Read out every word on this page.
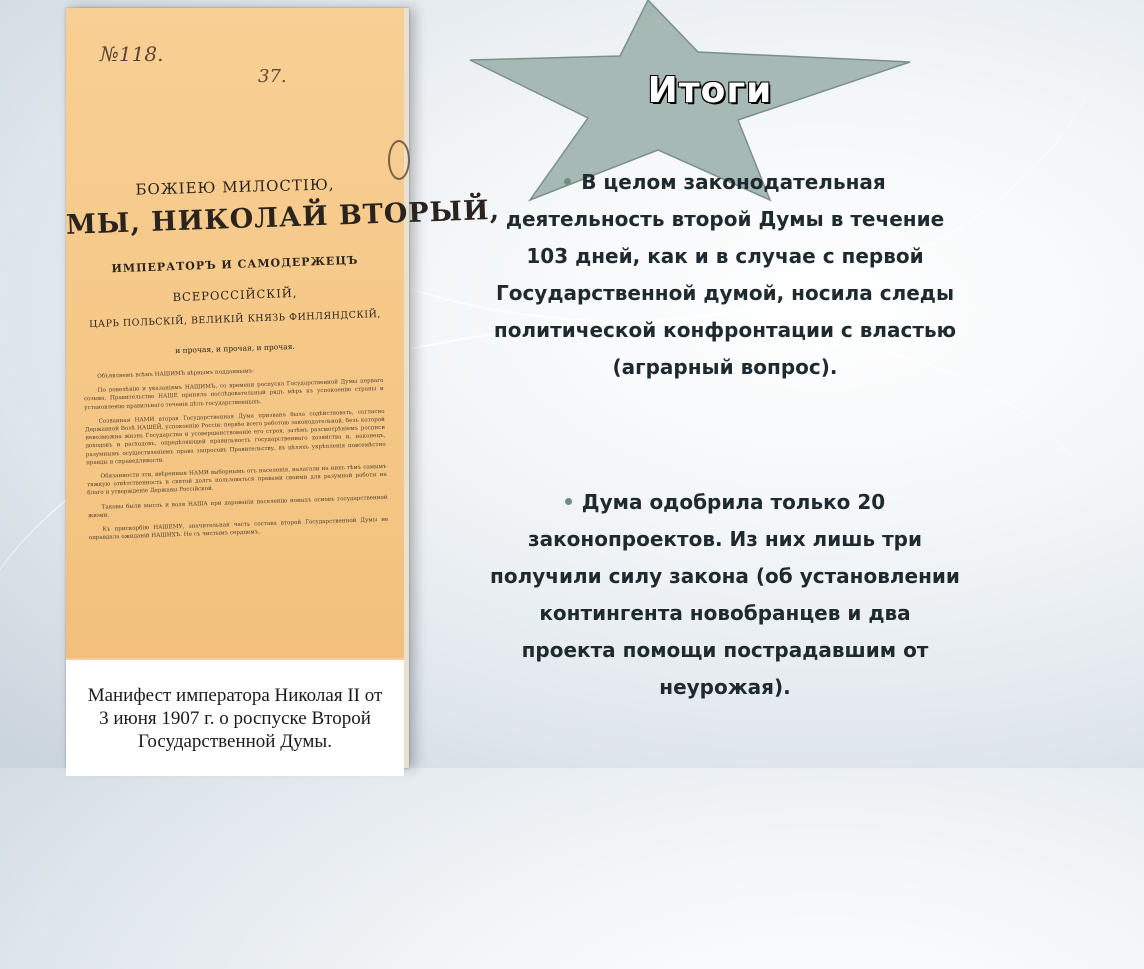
№118.
37.
БОЖІЕЮ МИЛОСТІЮ,
МЫ, НИКОЛАЙ ВТОРЫЙ,
ИМПЕРАТОРЪ И САМОДЕРЖЕЦЪ
ВСЕРОССІЙСКІЙ,
ЦАРЬ ПОЛЬСКІЙ, ВЕЛИКІЙ КНЯЗЬ ФИНЛЯНДСКІЙ,
и прочая, и прочая, и прочая.

Объявляемъ всѣмъ НАШИМЪ вѣрнымъ подданнымъ:

По повелѣнію и указаніямъ НАШИМЪ, со времени роспуска Государственной Думы перваго созыва, Правительство НАШЕ приняло послѣдовательный рядъ мѣръ къ успокоенію страны и установленію правильнаго теченія дѣлъ государственныхъ.

Созванная НАМИ вторая Государственная Дума призвана была содѣйствовать, согласно Державной Волѣ НАШЕЙ, успокоенію Россіи: первѣе всего работою законодательной, безъ которой невозможна жизнь Государства и усовершенствованіе его строя, затѣмъ разсмотрѣніемъ росписи доходовъ и расходовъ, опредѣляющей правильность государственнаго хозяйства и, наконецъ, разумнымъ осуществленіемъ права запросовъ Правительству, въ цѣляхъ укрѣпленія повсемѣстно правды и справедливости.

Обязанности эти, ввѣренныя НАМИ выборнымъ отъ населенія, налагали на нихъ тѣмъ самымъ тяжкую отвѣтственность и святой долгъ пользоваться правами своими для разумной работы на благо и утвержденіе Державы Россійской.

Таковы были мысль и воля НАША при дарованіи населенію новыхъ основъ государственной жизни.

Къ прискорбію НАШЕМУ, значительная часть состава второй Государственной Думы не оправдала ожиданій НАШИХЪ. Не съ чистымъ сердцемъ,

Манифест императора Николая II от 3 июня 1907 г. о роспуске Второй Государственной Думы.
Итоги
В целом законодательная деятельность второй Думы в течение 103 дней, как и в случае с первой Государственной думой, носила следы политической конфронтации с властью (аграрный вопрос).
Дума одобрила только 20 законопроектов. Из них лишь три получили силу закона (об установлении контингента новобранцев и два проекта помощи пострадавшим от неурожая).
